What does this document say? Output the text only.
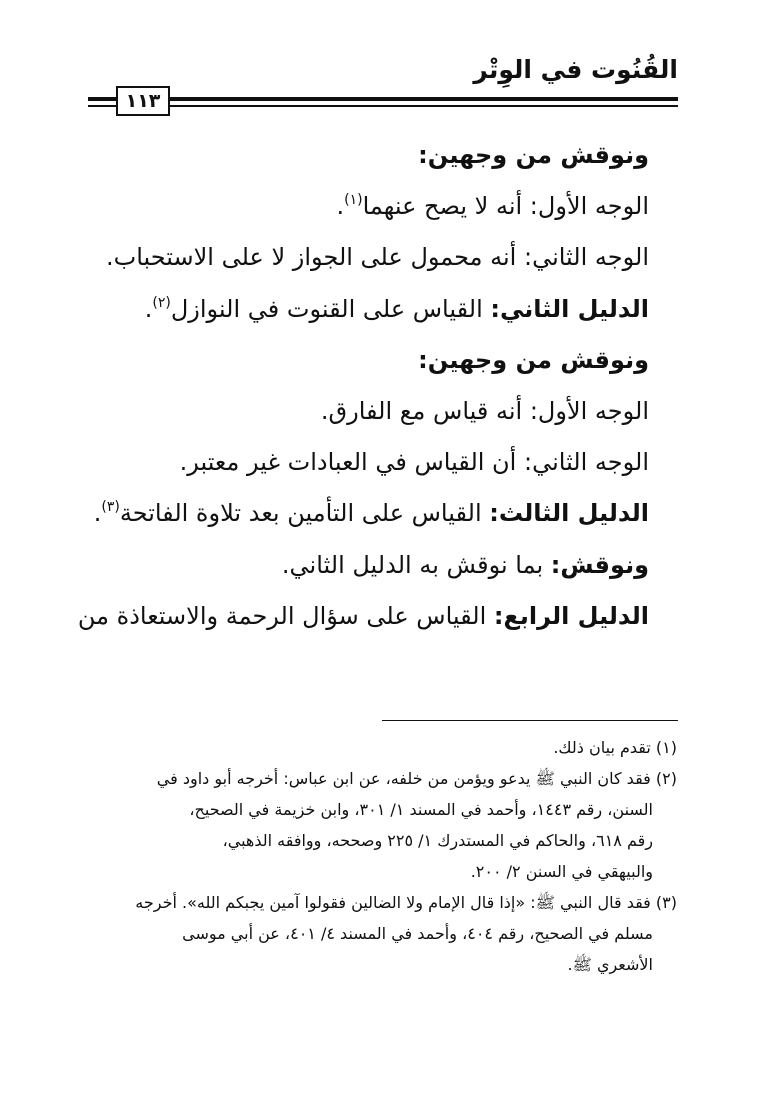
القُنُوت في الوِتْر
١١٣
ونوقش من وجهين:
الوجه الأول: أنه لا يصح عنهما$^{(١)}$.
الوجه الثاني: أنه محمول على الجواز لا على الاستحباب.
الدليل الثاني: القياس على القنوت في النوازل$^{(٢)}$.
ونوقش من وجهين:
الوجه الأول: أنه قياس مع الفارق.
الوجه الثاني: أن القياس في العبادات غير معتبر.
الدليل الثالث: القياس على التأمين بعد تلاوة الفاتحة$^{(٣)}$.
ونوقش: بما نوقش به الدليل الثاني.
الدليل الرابع: القياس على سؤال الرحمة والاستعاذة من
(١) تقدم بيان ذلك.
(٢) فقد كان النبي ﷺ يدعو ويؤمن من خلفه، عن ابن عباس: أخرجه أبو داود في
السنن، رقم ١٤٤٣، وأحمد في المسند ١/ ٣٠١، وابن خزيمة في الصحيح،
رقم ٦١٨، والحاكم في المستدرك ١/ ٢٢٥ وصححه، ووافقه الذهبي،
والبيهقي في السنن ٢/ ٢٠٠.
(٣) فقد قال النبي ﷺ: «إذا قال الإمام ولا الضالين فقولوا آمين يجبكم الله». أخرجه
مسلم في الصحيح، رقم ٤٠٤، وأحمد في المسند ٤/ ٤٠١، عن أبي موسى
الأشعري ﷺ.
